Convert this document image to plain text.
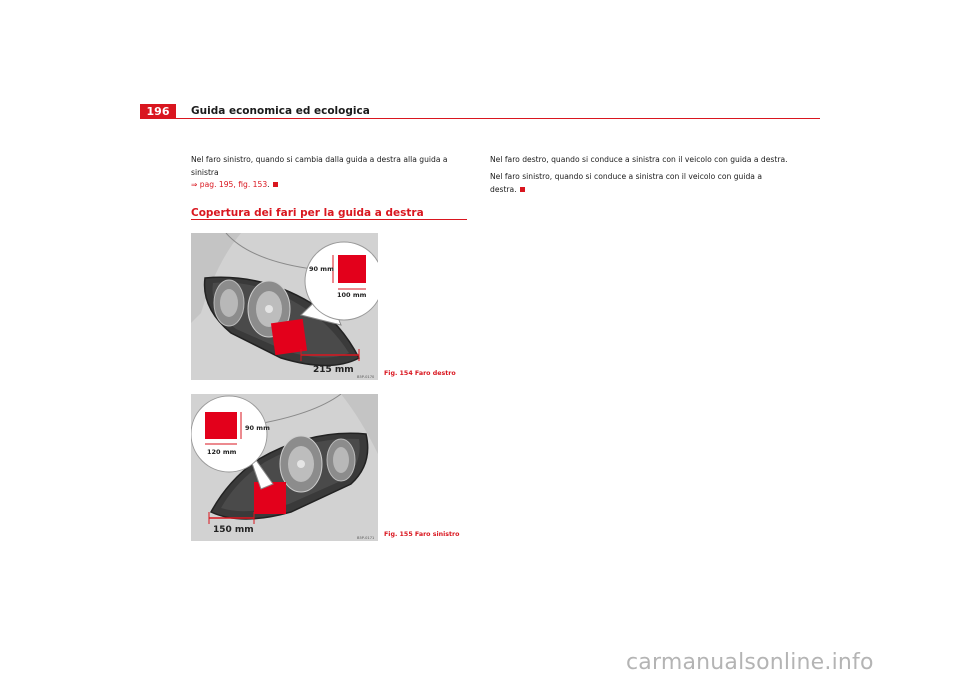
196	Guida economica ed ecologica
Nel faro sinistro, quando si cambia dalla guida a destra alla guida a sinistra
⇒ pag. 195, fig. 153.
Copertura dei fari per la guida a destra
90 mm
100 mm
215 mm
B5P-0170 Fig. 154 Faro destro
90 mm
120 mm
150 mm
B5P-0171 Fig. 155 Faro sinistro
Nel faro destro, quando si conduce a sinistra con il veicolo con guida a destra.
Nel faro sinistro, quando si conduce a sinistra con il veicolo con guida a
destra.
carmanualsonline.info
